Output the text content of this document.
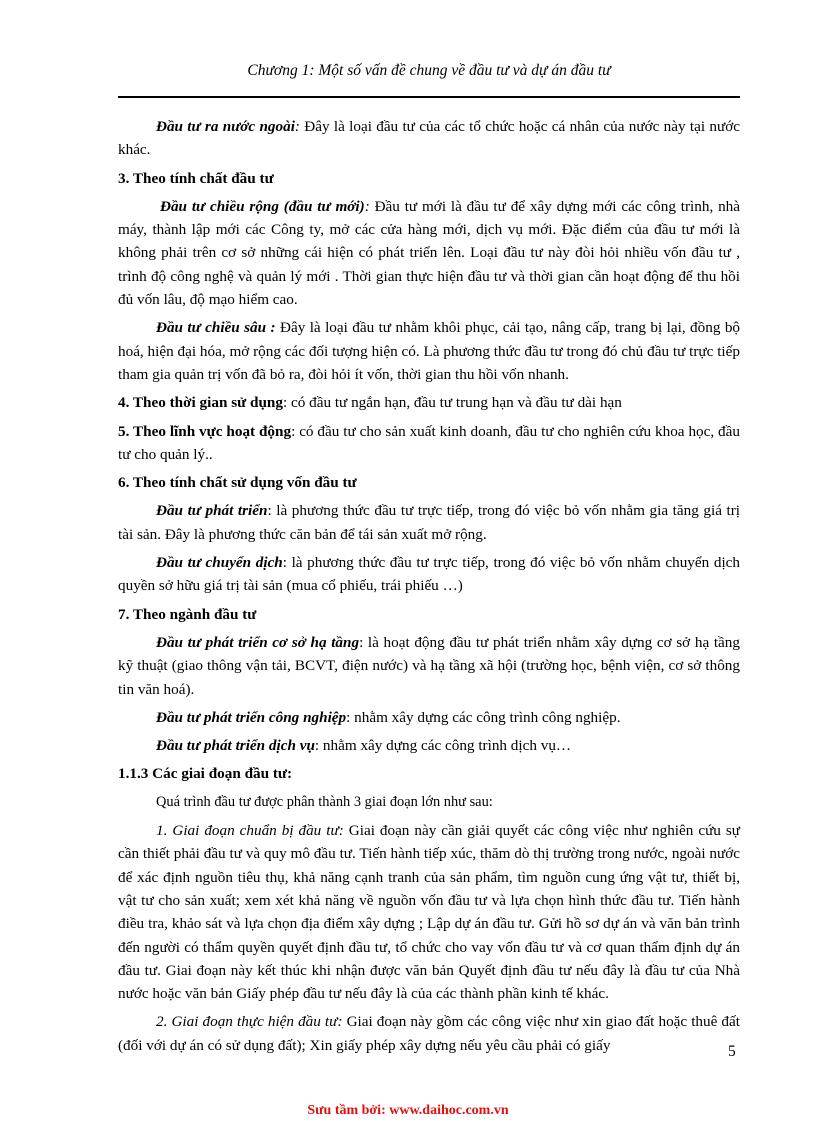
Chương 1: Một số vấn đề chung về đầu tư và dự án đầu tư

Đầu tư ra nước ngoài: Đây là loại đầu tư của các tổ chức hoặc cá nhân của nước này tại nước khác.

3. Theo tính chất đầu tư

Đầu tư chiều rộng (đầu tư mới): Đầu tư mới là đầu tư để xây dựng mới các công trình, nhà máy, thành lập mới các Công ty, mở các cửa hàng mới, dịch vụ mới. Đặc điểm của đầu tư mới là không phải trên cơ sở những cái hiện có phát triển lên. Loại đầu tư này đòi hỏi nhiều vốn đầu tư , trình độ công nghệ và quản lý mới . Thời gian thực hiện đầu tư và thời gian cần hoạt động để thu hồi đủ vốn lâu, độ mạo hiểm cao.

Đầu tư chiều sâu : Đây là loại đầu tư nhằm khôi phục, cải tạo, nâng cấp, trang bị lại, đồng bộ hoá, hiện đại hóa, mở rộng các đối tượng hiện có. Là phương thức đầu tư trong đó chủ đầu tư trực tiếp tham gia quản trị vốn đã bỏ ra, đòi hỏi ít vốn, thời gian thu hồi vốn nhanh.

4. Theo thời gian sử dụng: có đầu tư ngắn hạn, đầu tư trung hạn và đầu tư dài hạn

5. Theo lĩnh vực hoạt động: có đầu tư cho sản xuất kinh doanh, đầu tư cho nghiên cứu khoa học, đầu tư cho quản lý..

6. Theo tính chất sử dụng vốn đầu tư

Đầu tư phát triển: là phương thức đầu tư trực tiếp, trong đó việc bỏ vốn nhằm gia tăng giá trị tài sản. Đây là phương thức căn bản để tái sản xuất mở rộng.

Đầu tư chuyển dịch: là phương thức đầu tư trực tiếp, trong đó việc bỏ vốn nhằm chuyển dịch quyền sở hữu giá trị tài sản (mua cổ phiếu, trái phiếu …)

7. Theo ngành đầu tư

Đầu tư phát triển cơ sở hạ tầng: là hoạt động đầu tư phát triển nhằm xây dựng cơ sở hạ tầng kỹ thuật (giao thông vận tải, BCVT, điện nước) và hạ tầng xã hội (trường học, bệnh viện, cơ sở thông tin văn hoá).

Đầu tư phát triển công nghiệp: nhằm xây dựng các công trình công nghiệp.

Đầu tư phát triển dịch vụ: nhằm xây dựng các công trình dịch vụ…

1.1.3 Các giai đoạn đầu tư:

Quá trình đầu tư được phân thành 3 giai đoạn lớn như sau:

1. Giai đoạn chuẩn bị đầu tư: Giai đoạn này cần giải quyết các công việc như nghiên cứu sự cần thiết phải đầu tư và quy mô đầu tư. Tiến hành tiếp xúc, thăm dò thị trường trong nước, ngoài nước để xác định nguồn tiêu thụ, khả năng cạnh tranh của sản phẩm, tìm nguồn cung ứng vật tư, thiết bị, vật tư cho sản xuất; xem xét khả năng về nguồn vốn đầu tư và lựa chọn hình thức đầu tư. Tiến hành điều tra, khảo sát và lựa chọn địa điểm xây dựng ; Lập dự án đầu tư. Gửi hồ sơ dự án và văn bản trình đến người có thẩm quyền quyết định đầu tư, tổ chức cho vay vốn đầu tư và cơ quan thẩm định dự án đầu tư. Giai đoạn này kết thúc khi nhận được văn bản Quyết định đầu tư nếu đây là đầu tư của Nhà nước hoặc văn bản Giấy phép đầu tư nếu đây là của các thành phần kinh tế khác.

2. Giai đoạn thực hiện đầu tư: Giai đoạn này gồm các công việc như xin giao đất hoặc thuê đất (đối với dự án có sử dụng đất); Xin giấy phép xây dựng nếu yêu cầu phải có giấy	5
Sưu tầm bởi: www.daihoc.com.vn
